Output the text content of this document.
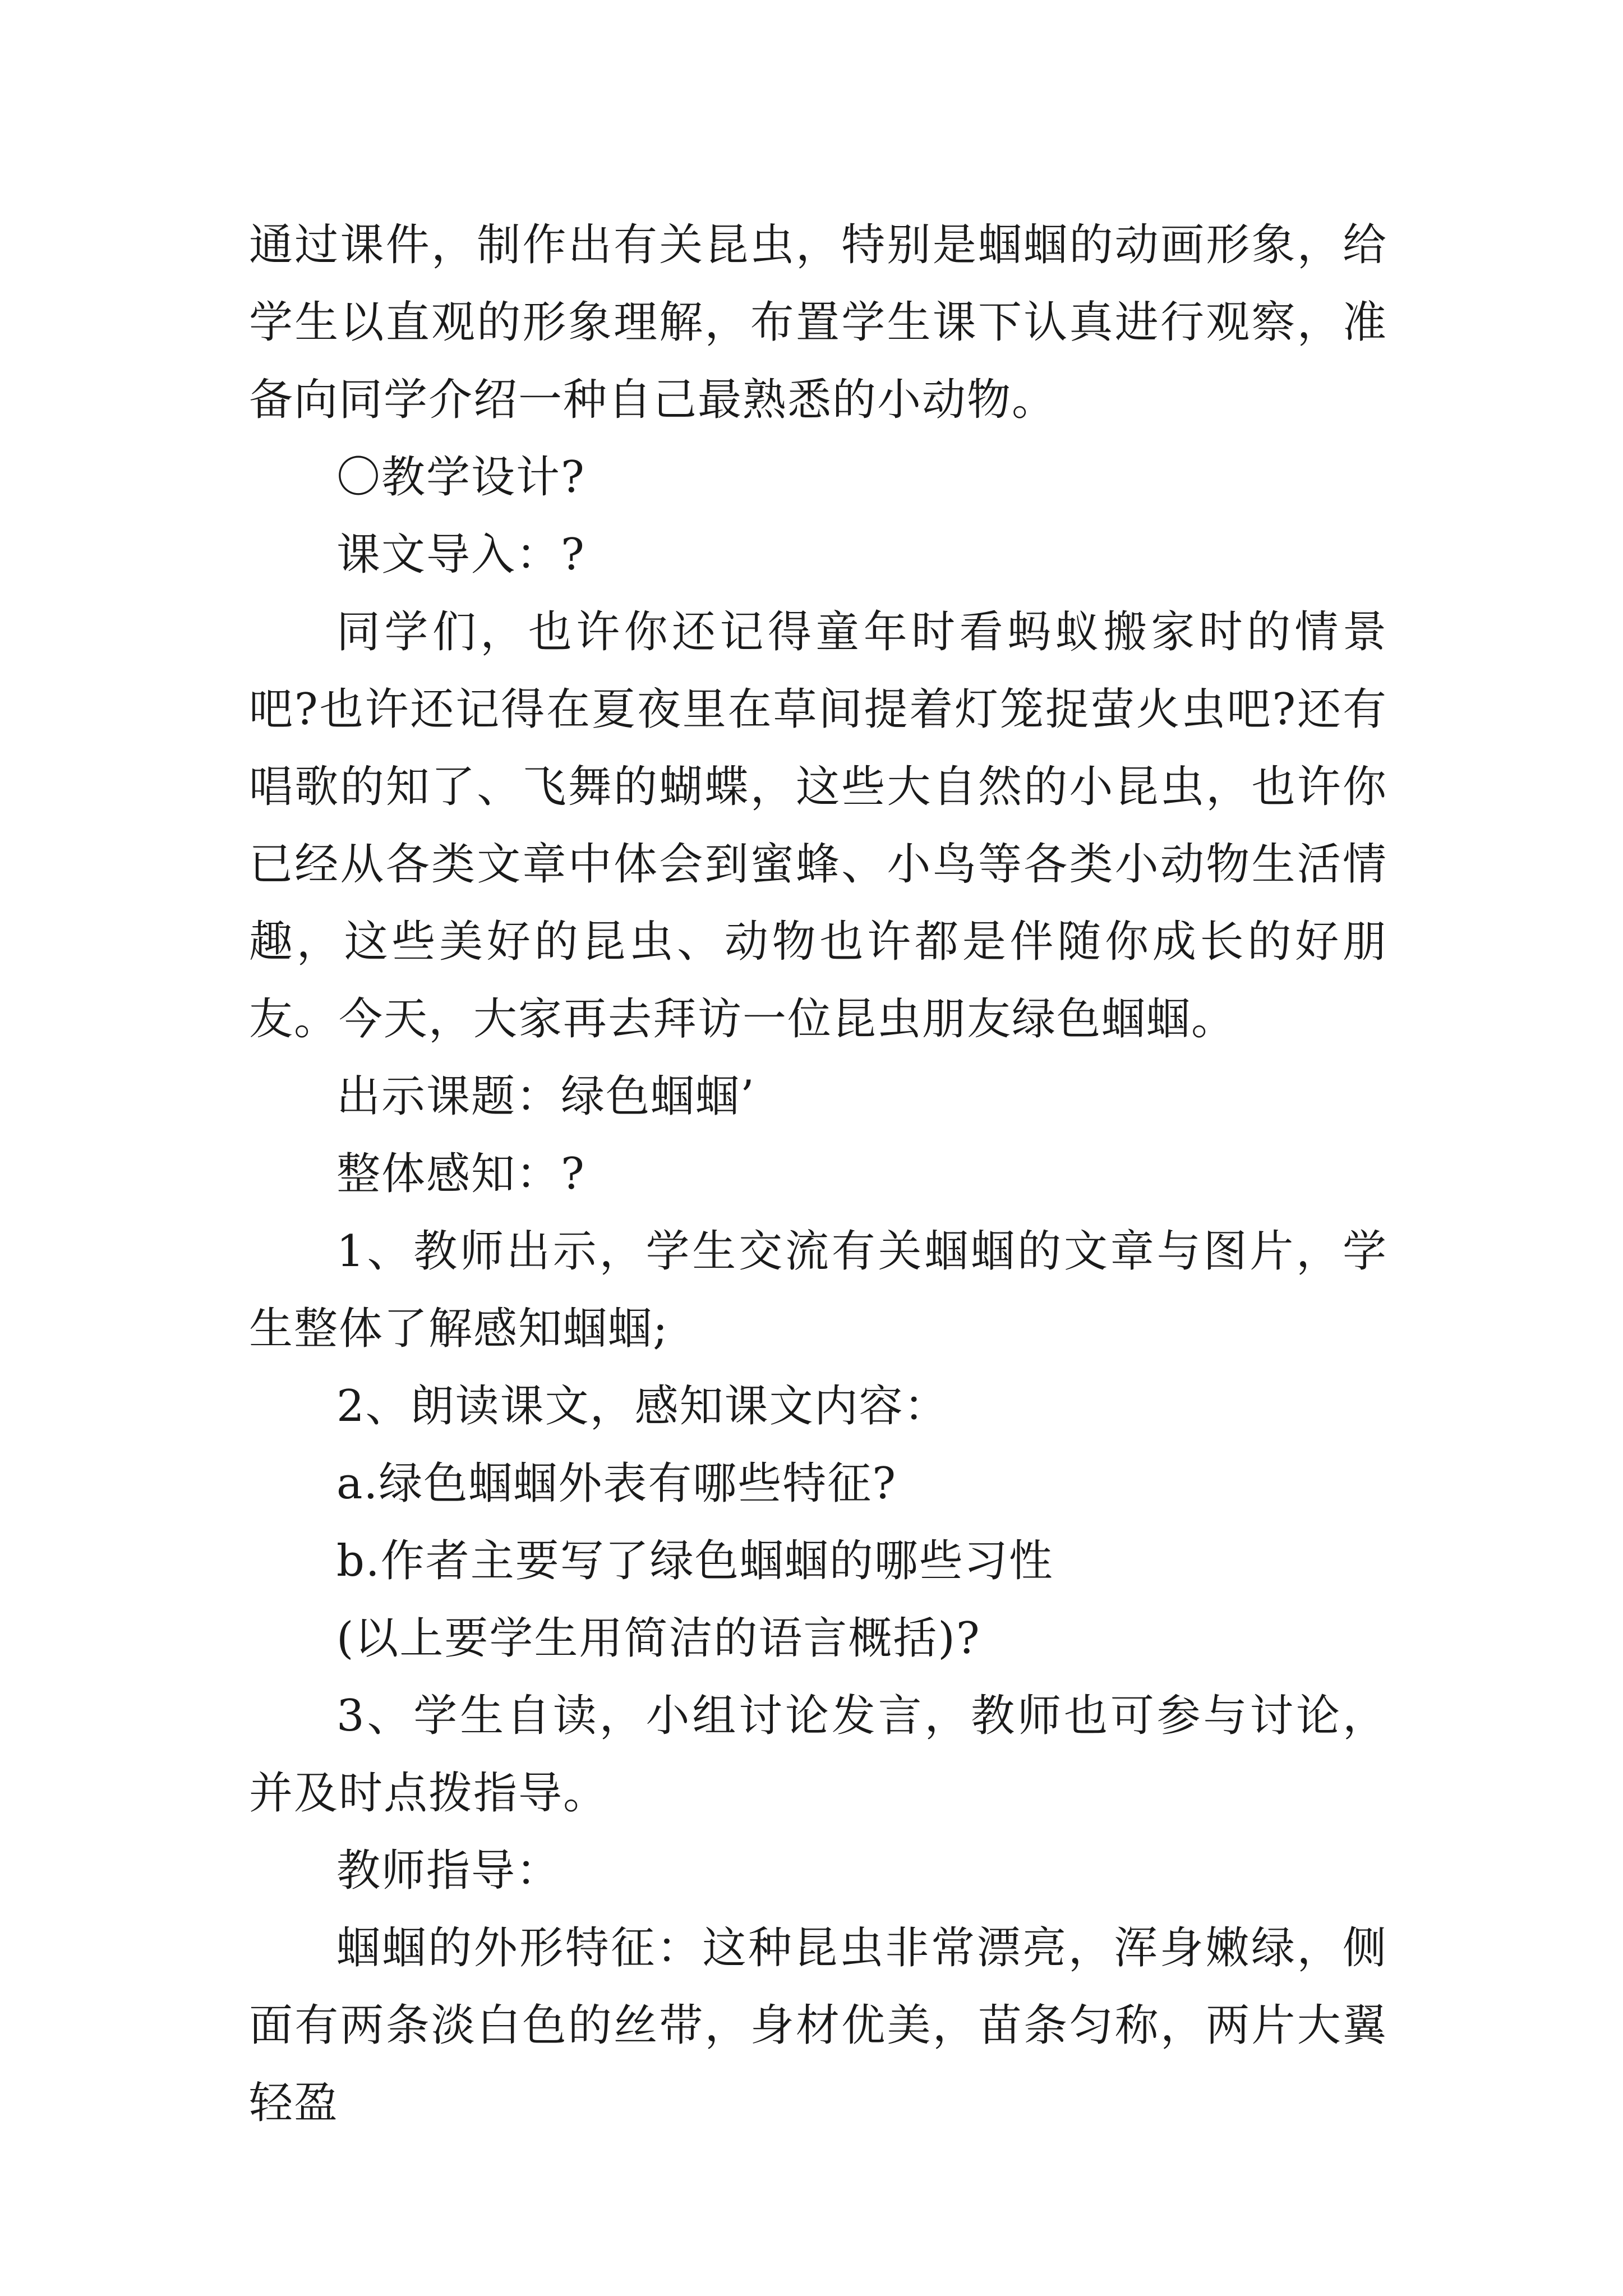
通过课件，制作出有关昆虫，特别是蝈蝈的动画形象，给学生以直观的形象理解，布置学生课下认真进行观察，准备向同学介绍一种自己最熟悉的小动物。

〇教学设计?

课文导入：?

同学们，也许你还记得童年时看蚂蚁搬家时的情景吧?也许还记得在夏夜里在草间提着灯笼捉萤火虫吧?还有唱歌的知了、飞舞的蝴蝶，这些大自然的小昆虫，也许你已经从各类文章中体会到蜜蜂、小鸟等各类小动物生活情趣，这些美好的昆虫、动物也许都是伴随你成长的好朋友。今天，大家再去拜访一位昆虫朋友绿色蝈蝈。

出示课题：绿色蝈蝈’

整体感知：?

1、教师出示，学生交流有关蝈蝈的文章与图片，学生整体了解感知蝈蝈;

2、朗读课文，感知课文内容：

a.绿色蝈蝈外表有哪些特征?

b.作者主要写了绿色蝈蝈的哪些习性

(以上要学生用简洁的语言概括)?

3、学生自读，小组讨论发言，教师也可参与讨论，并及时点拨指导。

教师指导：

蝈蝈的外形特征：这种昆虫非常漂亮，浑身嫩绿，侧面有两条淡白色的丝带，身材优美，苗条匀称，两片大翼轻盈
